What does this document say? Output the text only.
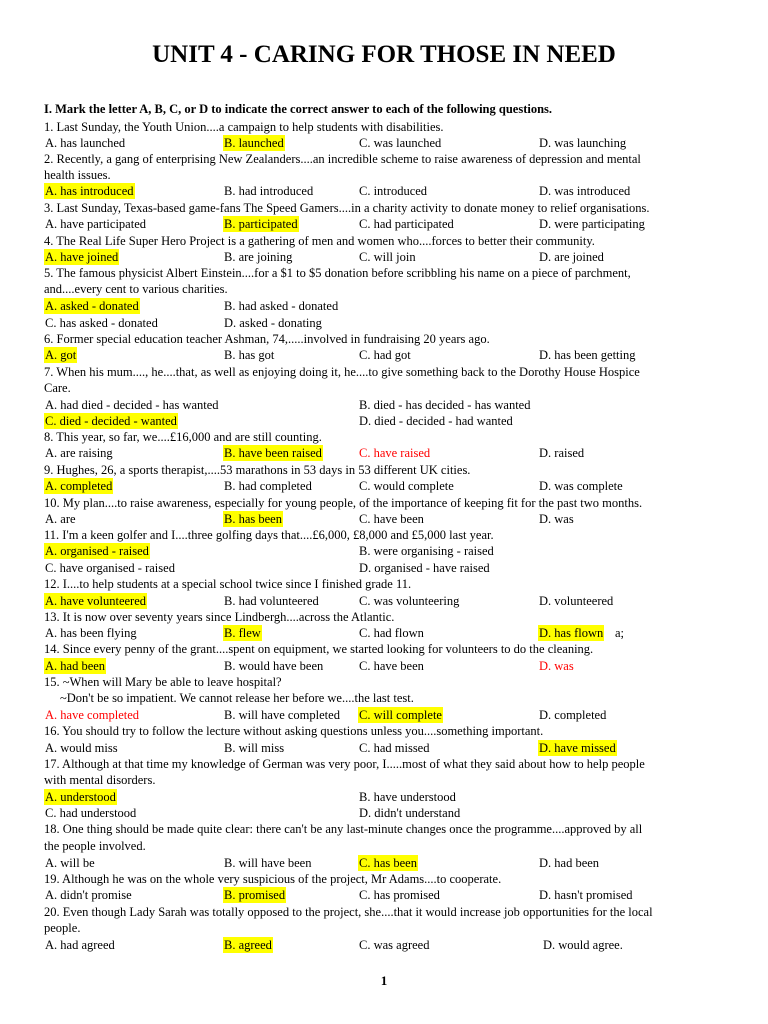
UNIT 4 - CARING FOR THOSE IN NEED
I. Mark the letter A, B, C, or D to indicate the correct answer to each of the following questions.
1. Last Sunday, the Youth Union....a campaign to help students with disabilities.
A. has launched	B. launched	C. was launched	D. was launching
2. Recently, a gang of enterprising New Zealanders....an incredible scheme to raise awareness of depression and mental
health issues.
A. has introduced	B. had introduced	C. introduced	D. was introduced
3. Last Sunday, Texas-based game-fans The Speed Gamers....in a charity activity to donate money to relief organisations.
A. have participated	B. participated	C. had participated	D. were participating
4. The Real Life Super Hero Project is a gathering of men and women who....forces to better their community.
A. have joined	B. are joining	C. will join	D. are joined
5. The famous physicist Albert Einstein....for a $1 to $5 donation before scribbling his name on a piece of parchment,
and....every cent to various charities.
A. asked - donated	B. had asked - donated
C. has asked - donated	D. asked - donating
6. Former special education teacher Ashman, 74,.....involved in fundraising 20 years ago.
A. got	B. has got	C. had got	D. has been getting
7. When his mum...., he....that, as well as enjoying doing it, he....to give something back to the Dorothy House Hospice
Care.
A. had died - decided - has wanted	B. died - has decided - has wanted
C. died - decided - wanted	D. died - decided - had wanted
8. This year, so far, we....£16,000 and are still counting.
A. are raising	B. have been raised	C. have raised	D. raised
9. Hughes, 26, a sports therapist,....53 marathons in 53 days in 53 different UK cities.
A. completed	B. had completed	C. would complete	D. was complete
10. My plan....to raise awareness, especially for young people, of the importance of keeping fit for the past two months.
A. are	B. has been	C. have been	D. was
11. I'm a keen golfer and I....three golfing days that....£6,000, £8,000 and £5,000 last year.
A. organised - raised	B. were organising - raised
C. have organised - raised	D. organised - have raised
12. I....to help students at a special school twice since I finished grade 11.
A. have volunteered	B. had volunteered	C. was volunteering	D. volunteered
13. It is now over seventy years since Lindbergh....across the Atlantic.
A. has been flying	B. flew	C. had flown	D. has flown a;
14. Since every penny of the grant....spent on equipment, we started looking for volunteers to do the cleaning.
A. had been	B. would have been	C. have been	D. was
15. ~When will Mary be able to leave hospital?
~Don't be so impatient. We cannot release her before we....the last test.
A. have completed	B. will have completed C. will complete	D. completed
16. You should try to follow the lecture without asking questions unless you....something important.
A. would miss	B. will miss	C. had missed	D. have missed
17. Although at that time my knowledge of German was very poor, I.....most of what they said about how to help people
with mental disorders.
A. understood	B. have understood
C. had understood	D. didn't understand
18. One thing should be made quite clear: there can't be any last-minute changes once the programme....approved by all
the people involved.
A. will be	B. will have been	C. has been	D. had been
19. Although he was on the whole very suspicious of the project, Mr Adams....to cooperate.
A. didn't promise	B. promised	C. has promised	D. hasn't promised
20. Even though Lady Sarah was totally opposed to the project, she....that it would increase job opportunities for the local
people.
A. had agreed	B. agreed	C. was agreed	D. would agree.
1
